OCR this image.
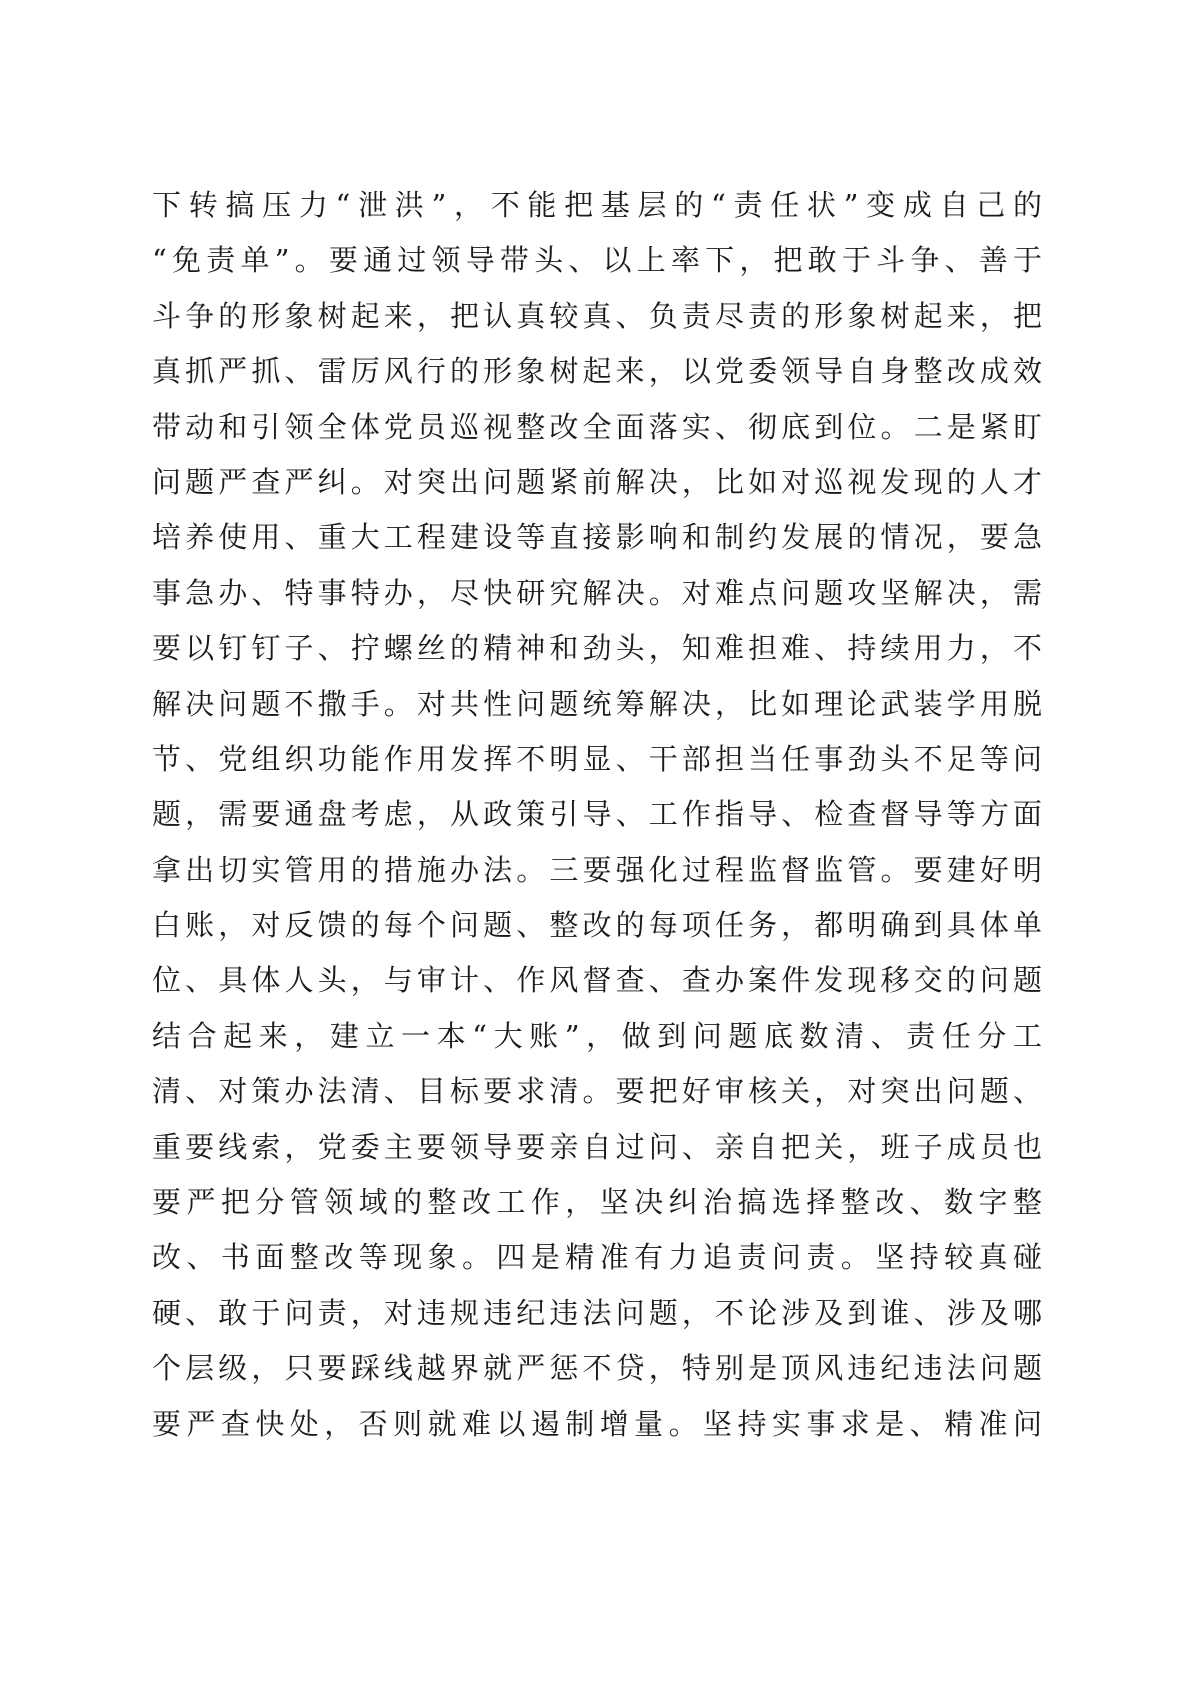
下转搞压力“泄洪”，不能把基层的“责任状”变成自己的
“免责单”。要通过领导带头、以上率下，把敢于斗争、善于
斗争的形象树起来，把认真较真、负责尽责的形象树起来，把
真抓严抓、雷厉风行的形象树起来，以党委领导自身整改成效
带动和引领全体党员巡视整改全面落实、彻底到位。二是紧盯
问题严查严纠。对突出问题紧前解决，比如对巡视发现的人才
培养使用、重大工程建设等直接影响和制约发展的情况，要急
事急办、特事特办，尽快研究解决。对难点问题攻坚解决，需
要以钉钉子、拧螺丝的精神和劲头，知难担难、持续用力，不
解决问题不撒手。对共性问题统筹解决，比如理论武装学用脱
节、党组织功能作用发挥不明显、干部担当任事劲头不足等问
题，需要通盘考虑，从政策引导、工作指导、检查督导等方面
拿出切实管用的措施办法。三要强化过程监督监管。要建好明
白账，对反馈的每个问题、整改的每项任务，都明确到具体单
位、具体人头，与审计、作风督查、查办案件发现移交的问题
结合起来，建立一本“大账”，做到问题底数清、责任分工
清、对策办法清、目标要求清。要把好审核关，对突出问题、
重要线索，党委主要领导要亲自过问、亲自把关，班子成员也
要严把分管领域的整改工作，坚决纠治搞选择整改、数字整
改、书面整改等现象。四是精准有力追责问责。坚持较真碰
硬、敢于问责，对违规违纪违法问题，不论涉及到谁、涉及哪
个层级，只要踩线越界就严惩不贷，特别是顶风违纪违法问题
要严查快处，否则就难以遏制增量。坚持实事求是、精准问
